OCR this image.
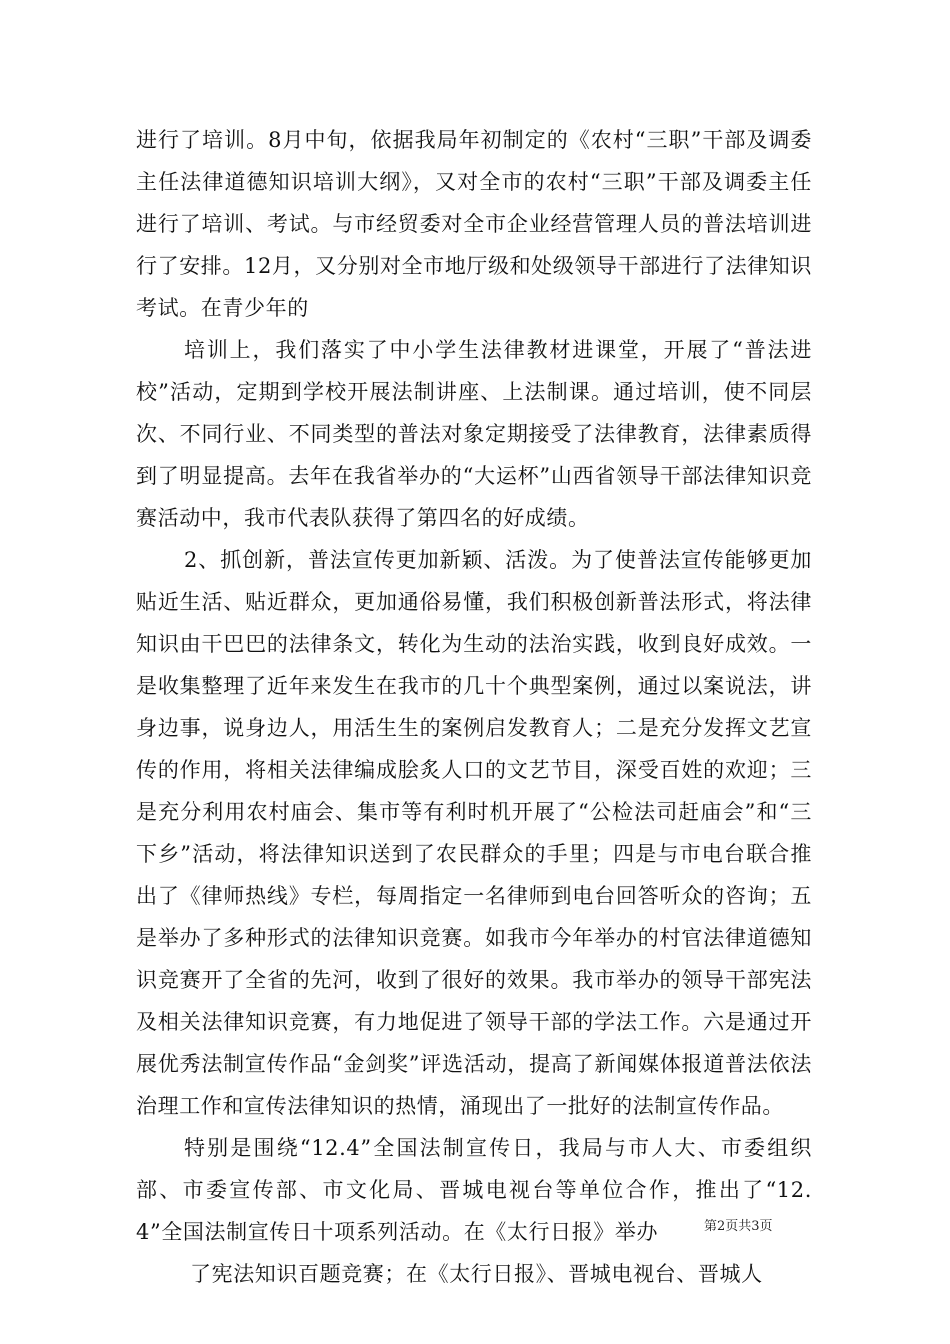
进行了培训。8月中旬，依据我局年初制定的《农村“三职”干部及调委主任法律道德知识培训大纲》，又对全市的农村“三职”干部及调委主任进行了培训、考试。与市经贸委对全市企业经营管理人员的普法培训进行了安排。12月，又分别对全市地厅级和处级领导干部进行了法律知识考试。在青少年的

培训上，我们落实了中小学生法律教材进课堂，开展了“普法进校”活动，定期到学校开展法制讲座、上法制课。通过培训，使不同层次、不同行业、不同类型的普法对象定期接受了法律教育，法律素质得到了明显提高。去年在我省举办的“大运杯”山西省领导干部法律知识竞赛活动中，我市代表队获得了第四名的好成绩。

2、抓创新，普法宣传更加新颖、活泼。为了使普法宣传能够更加贴近生活、贴近群众，更加通俗易懂，我们积极创新普法形式，将法律知识由干巴巴的法律条文，转化为生动的法治实践，收到良好成效。一是收集整理了近年来发生在我市的几十个典型案例，通过以案说法，讲身边事，说身边人，用活生生的案例启发教育人；二是充分发挥文艺宣传的作用，将相关法律编成脍炙人口的文艺节目，深受百姓的欢迎；三是充分利用农村庙会、集市等有利时机开展了“公检法司赶庙会”和“三下乡”活动，将法律知识送到了农民群众的手里；四是与市电台联合推出了《律师热线》专栏，每周指定一名律师到电台回答听众的咨询；五是举办了多种形式的法律知识竞赛。如我市今年举办的村官法律道德知识竞赛开了全省的先河，收到了很好的效果。我市举办的领导干部宪法及相关法律知识竞赛，有力地促进了领导干部的学法工作。六是通过开展优秀法制宣传作品“金剑奖”评选活动，提高了新闻媒体报道普法依法治理工作和宣传法律知识的热情，涌现出了一批好的法制宣传作品。

特别是围绕“12.4”全国法制宣传日，我局与市人大、市委组织部、市委宣传部、市文化局、晋城电视台等单位合作，推出了“12.4”全国法制宣传日十项系列活动。在《太行日报》举办

了宪法知识百题竞赛；在《太行日报》、晋城电视台、晋城人

第2页共3页
